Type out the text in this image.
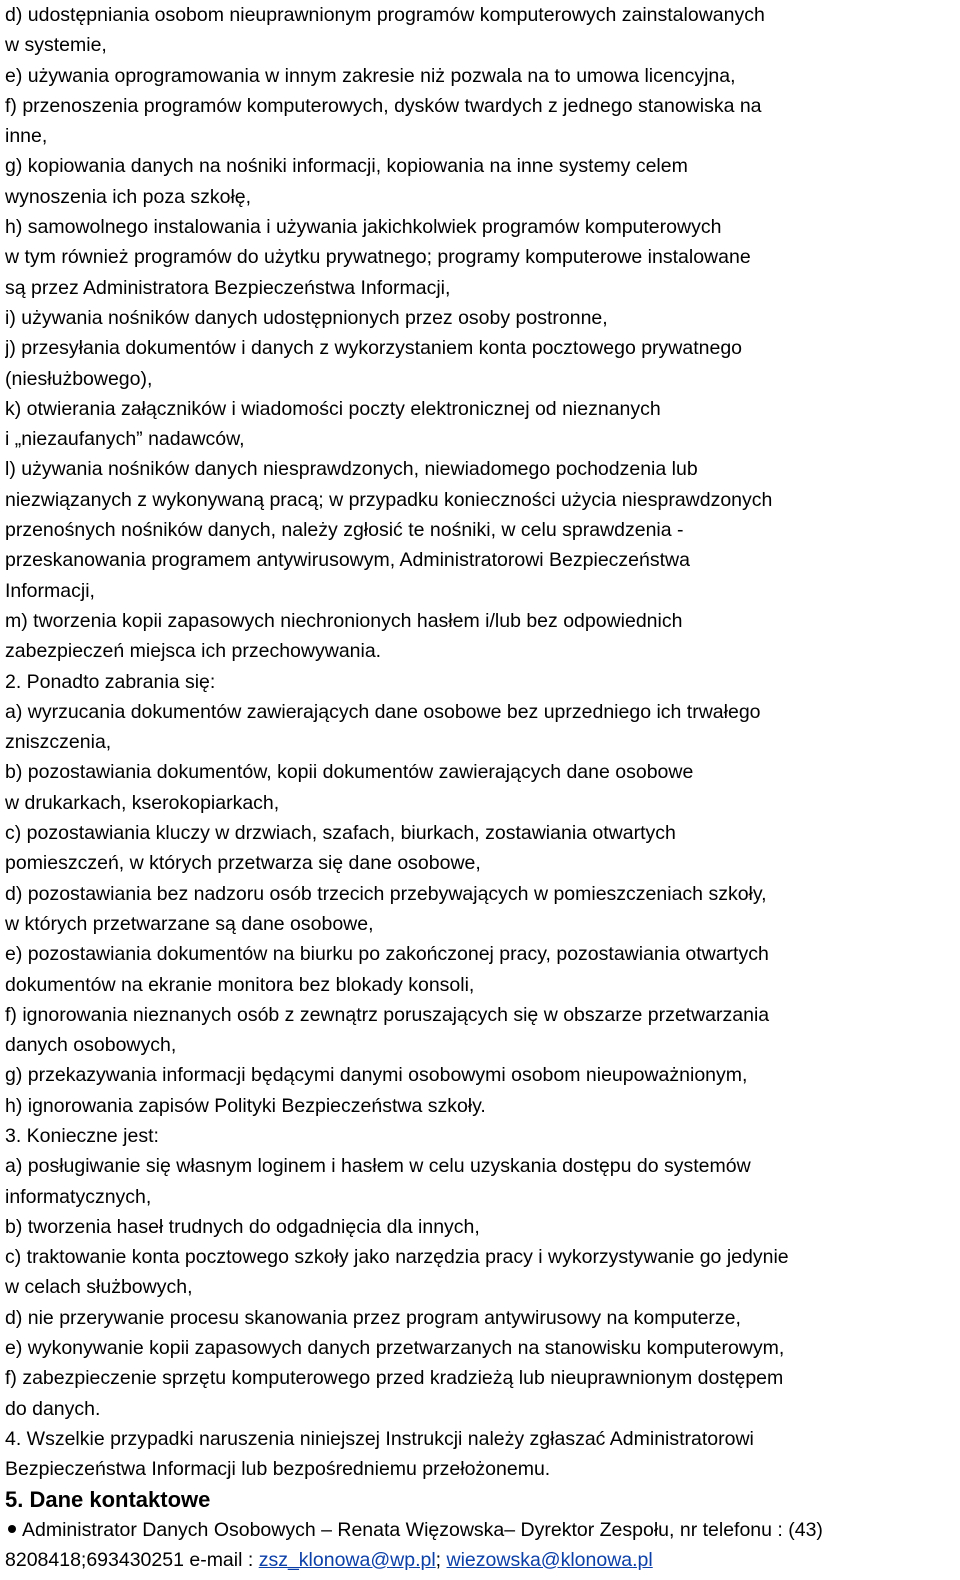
d) udostępniania osobom nieuprawnionym programów komputerowych zainstalowanych
w systemie,
e) używania oprogramowania w innym zakresie niż pozwala na to umowa licencyjna,
f) przenoszenia programów komputerowych, dysków twardych z jednego stanowiska na
inne,
g) kopiowania danych na nośniki informacji, kopiowania na inne systemy celem
wynoszenia ich poza szkołę,
h) samowolnego instalowania i używania jakichkolwiek programów komputerowych
w tym również programów do użytku prywatnego; programy komputerowe instalowane
są przez Administratora Bezpieczeństwa Informacji,
i) używania nośników danych udostępnionych przez osoby postronne,
j) przesyłania dokumentów i danych z wykorzystaniem konta pocztowego prywatnego
(niesłużbowego),
k) otwierania załączników i wiadomości poczty elektronicznej od nieznanych
i „niezaufanych” nadawców,
l) używania nośników danych niesprawdzonych, niewiadomego pochodzenia lub
niezwiązanych z wykonywaną pracą; w przypadku konieczności użycia niesprawdzonych
przenośnych nośników danych, należy zgłosić te nośniki, w celu sprawdzenia -
przeskanowania programem antywirusowym, Administratorowi Bezpieczeństwa
Informacji,
m) tworzenia kopii zapasowych niechronionych hasłem i/lub bez odpowiednich
zabezpieczeń miejsca ich przechowywania.
2. Ponadto zabrania się:
a) wyrzucania dokumentów zawierających dane osobowe bez uprzedniego ich trwałego
zniszczenia,
b) pozostawiania dokumentów, kopii dokumentów zawierających dane osobowe
w drukarkach, kserokopiarkach,
c) pozostawiania kluczy w drzwiach, szafach, biurkach, zostawiania otwartych
pomieszczeń, w których przetwarza się dane osobowe,
d) pozostawiania bez nadzoru osób trzecich przebywających w pomieszczeniach szkoły,
w których przetwarzane są dane osobowe,
e) pozostawiania dokumentów na biurku po zakończonej pracy, pozostawiania otwartych
dokumentów na ekranie monitora bez blokady konsoli,
f) ignorowania nieznanych osób z zewnątrz poruszających się w obszarze przetwarzania
danych osobowych,
g) przekazywania informacji będącymi danymi osobowymi osobom nieupoważnionym,
h) ignorowania zapisów Polityki Bezpieczeństwa szkoły.
3. Konieczne jest:
a) posługiwanie się własnym loginem i hasłem w celu uzyskania dostępu do systemów
informatycznych,
b) tworzenia haseł trudnych do odgadnięcia dla innych,
c) traktowanie konta pocztowego szkoły jako narzędzia pracy i wykorzystywanie go jedynie
w celach służbowych,
d) nie przerywanie procesu skanowania przez program antywirusowy na komputerze,
e) wykonywanie kopii zapasowych danych przetwarzanych na stanowisku komputerowym,
f) zabezpieczenie sprzętu komputerowego przed kradzieżą lub nieuprawnionym dostępem
do danych.
4. Wszelkie przypadki naruszenia niniejszej Instrukcji należy zgłaszać Administratorowi
Bezpieczeństwa Informacji lub bezpośredniemu przełożonemu.
5. Dane kontaktowe
Administrator Danych Osobowych – Renata Więzowska– Dyrektor Zespołu, nr telefonu : (43)
8208418;693430251 e-mail : zsz_klonowa@wp.pl; wiezowska@klonowa.pl
